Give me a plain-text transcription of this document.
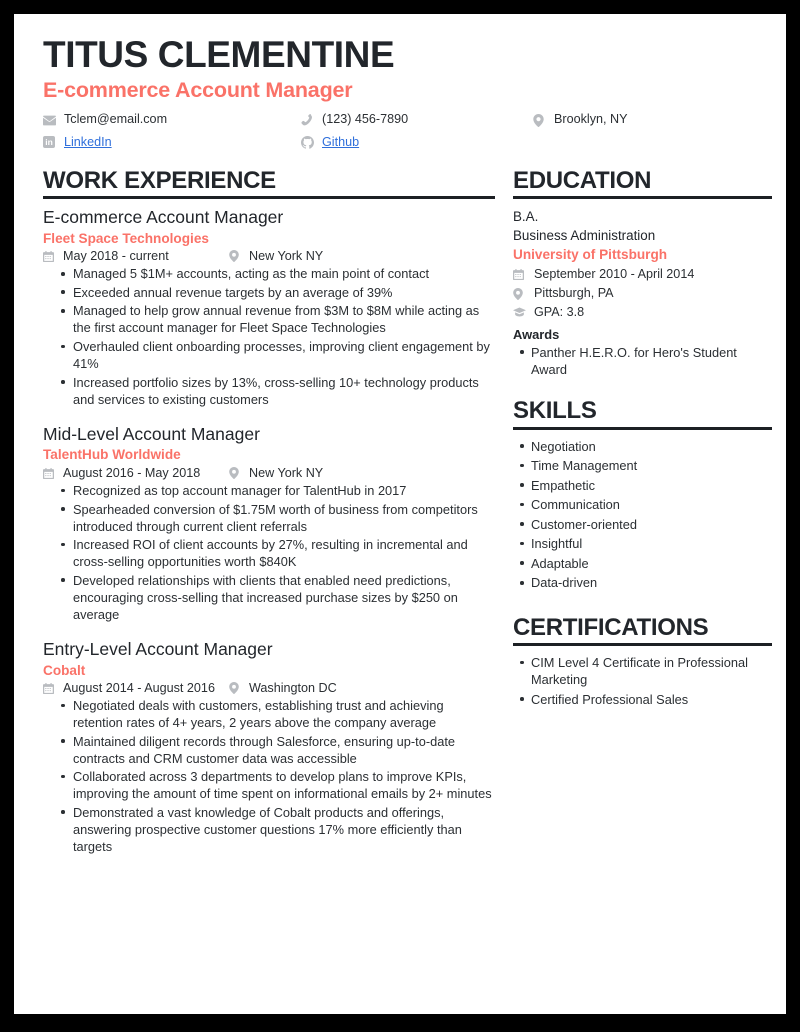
TITUS CLEMENTINE
E-commerce Account Manager
Tclem@email.com	(123) 456-7890	Brooklyn, NY
in LinkedIn	Github
WORK EXPERIENCE
E-commerce Account Manager
Fleet Space Technologies
May 2018 - current	New York NY
Managed 5 $1M+ accounts, acting as the main point of contact
Exceeded annual revenue targets by an average of 39%
Managed to help grow annual revenue from $3M to $8M while acting as the first account manager for Fleet Space Technologies
Overhauled client onboarding processes, improving client engagement by 41%
Increased portfolio sizes by 13%, cross-selling 10+ technology products and services to existing customers
Mid-Level Account Manager
TalentHub Worldwide
August 2016 - May 2018	New York NY
Recognized as top account manager for TalentHub in 2017
Spearheaded conversion of $1.75M worth of business from competitors introduced through current client referrals
Increased ROI of client accounts by 27%, resulting in incremental and cross-selling opportunities worth $840K
Developed relationships with clients that enabled need predictions, encouraging cross-selling that increased purchase sizes by $250 on average
Entry-Level Account Manager
Cobalt
August 2014 - August 2016	Washington DC
Negotiated deals with customers, establishing trust and achieving retention rates of 4+ years, 2 years above the company average
Maintained diligent records through Salesforce, ensuring up-to-date contracts and CRM customer data was accessible
Collaborated across 3 departments to develop plans to improve KPIs, improving the amount of time spent on informational emails by 2+ minutes
Demonstrated a vast knowledge of Cobalt products and offerings, answering prospective customer questions 17% more efficiently than targets
EDUCATION
B.A.
Business Administration
University of Pittsburgh
September 2010 - April 2014
Pittsburgh, PA
GPA: 3.8
Awards
Panther H.E.R.O. for Hero's Student Award
SKILLS
Negotiation
Time Management
Empathetic
Communication
Customer-oriented
Insightful
Adaptable
Data-driven
CERTIFICATIONS
CIM Level 4 Certificate in Professional Marketing
Certified Professional Sales
